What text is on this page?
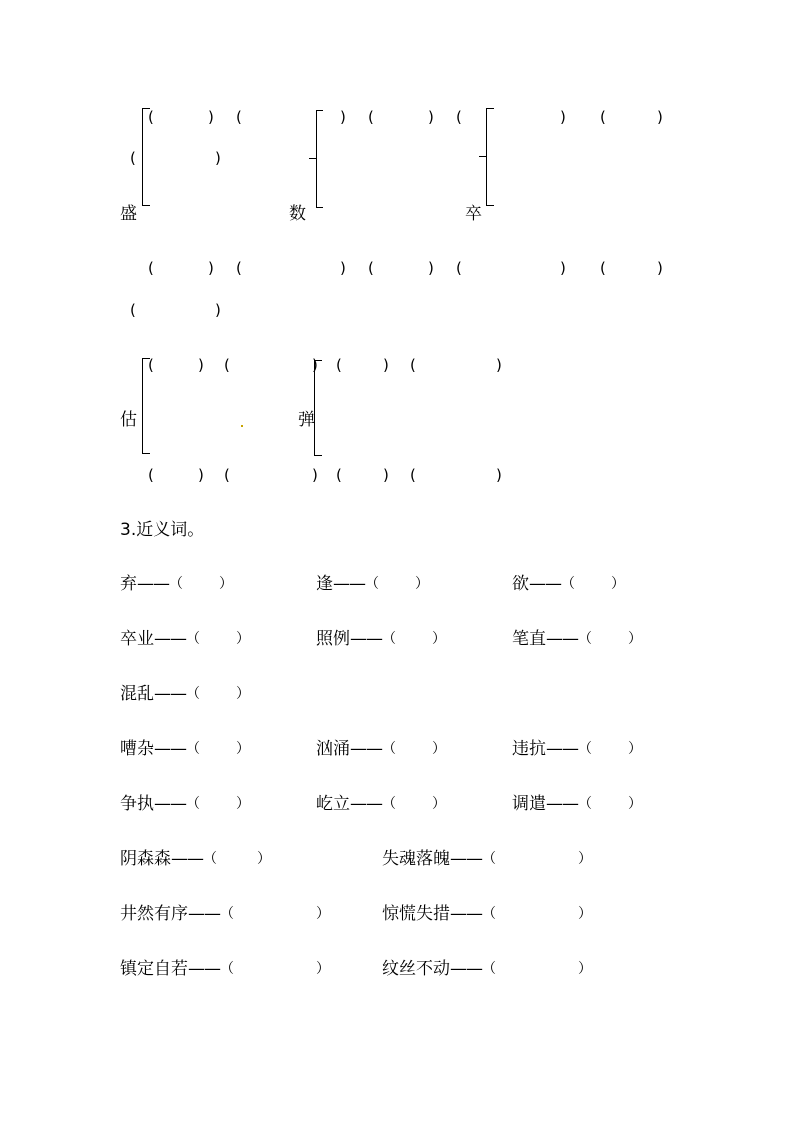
盛	数	卒
(	) (	) (	) (	) (	)
(	)
(	) (	) (	) (	) (	)
(	)
估	弹
(	) (	) (	) (	)
(	) (	) (	) (	)
3.近义词。
弃 —— （	）	逢 —— （	）	欲 —— （	）
卒业 —— （	）	照例 —— （	）	笔直 —— （	）
混乱 —— （	）
嘈杂 —— （	）	汹涌 —— （	）	违抗 —— （	）
争执 —— （	）	屹立 —— （	）	调遣 —— （	）
阴森森 —— （	）	失魂落魄 —— （	）
井然有序 —— （	）	惊慌失措 —— （	）
镇定自若 —— （	）	纹丝不动 —— （	）
